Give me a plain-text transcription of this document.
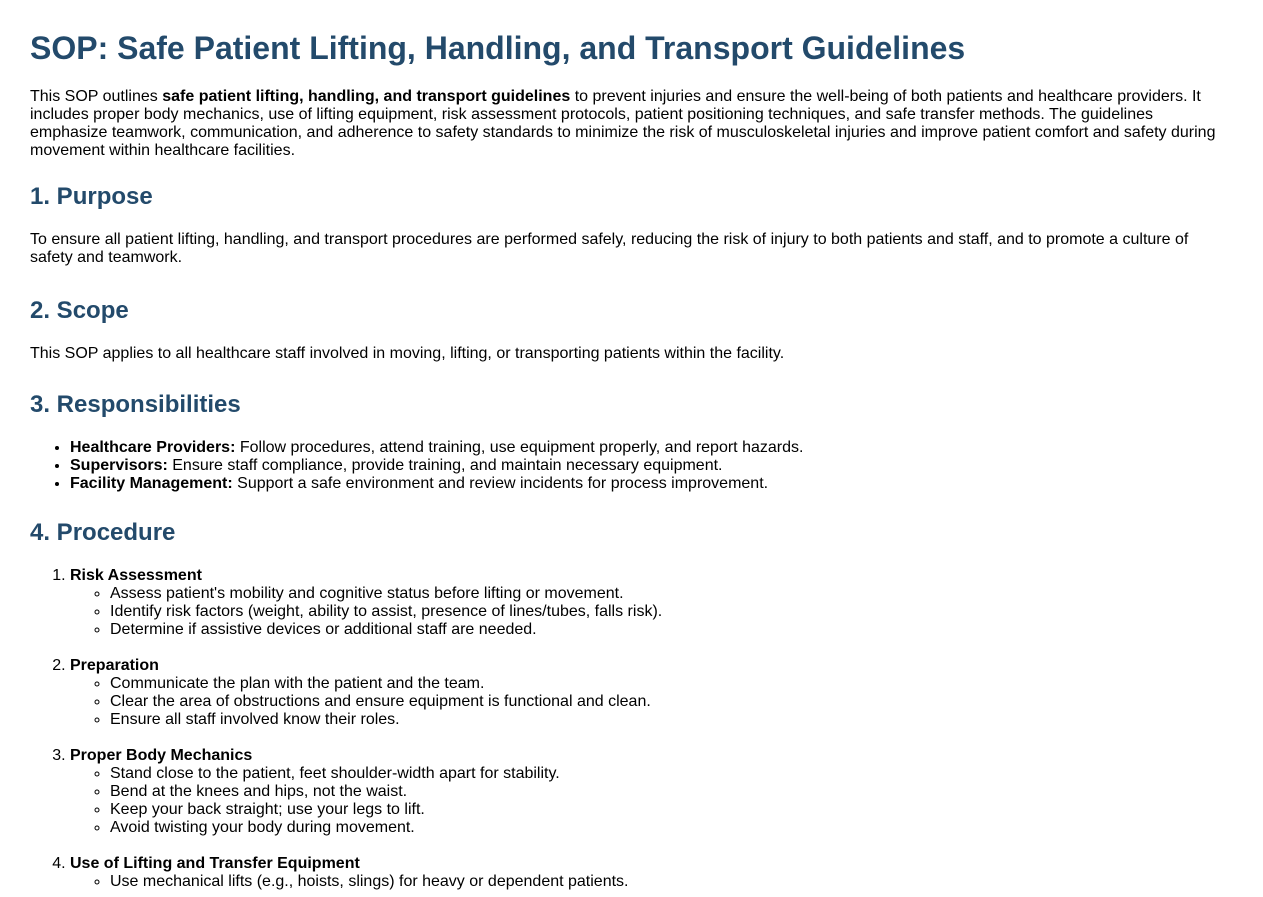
SOP: Safe Patient Lifting, Handling, and Transport Guidelines

This SOP outlines safe patient lifting, handling, and transport guidelines to prevent injuries and ensure the well-being of both patients and healthcare providers. It includes proper body mechanics, use of lifting equipment, risk assessment protocols, patient positioning techniques, and safe transfer methods. The guidelines emphasize teamwork, communication, and adherence to safety standards to minimize the risk of musculoskeletal injuries and improve patient comfort and safety during movement within healthcare facilities.

1. Purpose

To ensure all patient lifting, handling, and transport procedures are performed safely, reducing the risk of injury to both patients and staff, and to promote a culture of safety and teamwork.

2. Scope

This SOP applies to all healthcare staff involved in moving, lifting, or transporting patients within the facility.

3. Responsibilities
• Healthcare Providers: Follow procedures, attend training, use equipment properly, and report hazards.
• Supervisors: Ensure staff compliance, provide training, and maintain necessary equipment.
• Facility Management: Support a safe environment and review incidents for process improvement.
4. Procedure
1. Risk Assessment
◦ Assess patient's mobility and cognitive status before lifting or movement.
◦ Identify risk factors (weight, ability to assist, presence of lines/tubes, falls risk).
◦ Determine if assistive devices or additional staff are needed.
2. Preparation
◦ Communicate the plan with the patient and the team.
◦ Clear the area of obstructions and ensure equipment is functional and clean.
◦ Ensure all staff involved know their roles.
3. Proper Body Mechanics
◦ Stand close to the patient, feet shoulder-width apart for stability.
◦ Bend at the knees and hips, not the waist.
◦ Keep your back straight; use your legs to lift.
◦ Avoid twisting your body during movement.
4. Use of Lifting and Transfer Equipment
◦ Use mechanical lifts (e.g., hoists, slings) for heavy or dependent patients.
